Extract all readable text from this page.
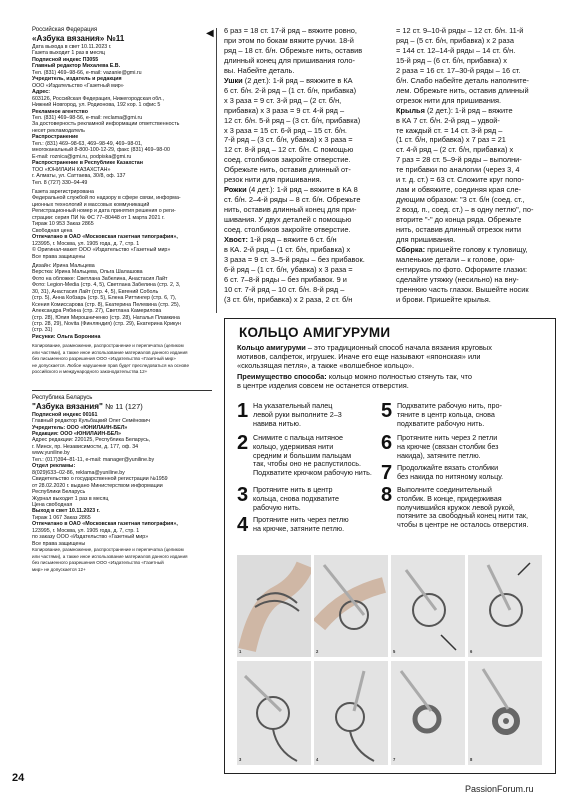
Российская Федерация
«Азбука вязания» №11
Дата выхода в свет 10.11.2023 г.
Газета выходит 1 раз в месяц
Подписной индекс П3055
Главный редактор Михалева Е.В.
Тел. (831) 469–98-66, e-mail: vazanie@gmi.ru
Учредитель, издатель и редакция
ООО «Издательство «Газетный мир»
Адрес:
603126, Российская Федерация, Нижегородская обл.,
Нижний Новгород, ул. Родионова, 192 кор. 1 офис 5
Рекламное агентство
Тел. (831) 469–98-56, e-mail: reclama@gmi.ru
За достоверность рекламной информации ответственность
несет рекламодатель
Распространение
Тел.: (831) 469–98-63, 469–98-49, 469–98-01,
многоканальный 8-800-100-12-29, факс (831) 469–98-00
E-mail: roznica@gmi.ru, podpiska@gmi.ru
Распространение в Республике Казахстан
ТОО «ЮНИЛАЙН КАЗАХСТАН»
г. Алматы, ул. Саттаева, 30/8, оф. 137
Тел. 8 (727) 330–94-49
Газета зарегистрирована
Федеральной службой по надзору в сфере связи, информа-
ционных технологий и массовых коммуникаций
Регистрационный номер и дата принятия решения о реги-
страции: серия ПИ № ФС 77–80448 от 1 марта 2021 г.
Тираж 10 953 Заказ 2865
Свободная цена
Отпечатано в ОАО «Московская газетная типография»,
123995, г. Москва, ул. 1905 года, д. 7, стр. 1
© Оригинал-макет ООО «Издательство «Газетный мир»
Все права защищены
Дизайн: Ирина Мальцева
Верстка: Ирина Мальцева, Ольга Шалашова
Фото на обложке: Светлана Забелина, Анастасия Лайт
Фото: Legion-Media (стр. 4, 5), Светлана Забелина (стр. 2, 3,
30, 31), Анастасия Лайт (стр. 4, 5), Евгений Соболь
(стр. 5), Анна Кобзарь (стр. 5), Елена Риттингер (стр. 6, 7),
Ксения Комиссарова (стр. 8), Екатерина Пелевина (стр. 25),
Александра Рябина (стр. 27), Светлана Камерилова
(стр. 28), Юлия Мирошниченко (стр. 28), Наталья Пламкина
(стр. 28, 29), Novita (Финляндия) (стр. 29), Екатерина Крикун
(стр. 31)
Рисунки: Ольга Боронина
Копирование, размножение, распространение и перепечатка (целиком
или частями), а также иное использование материалов данного издания
без письменного разрешения ООО «Издательство «Газетный мир»
не допускается. Любое нарушение прав будет преследоваться на основе
российского и международного законодательства 12+
Республика Беларусь
"Азбука вязания" № 11 (127)
Подписной индекс 00161
Главный редактор Кульбацкий Олег Семёнович
Учредитель: ООО «ЮНИЛАЙН-БЕЛ»
Редакция: ООО «ЮНИЛАЙН-БЕЛ»
Адрес редакции: 220125, Республика Беларусь,
г. Минск, пр. Независимости, д. 177, оф. 34
www.yuniline.by
Тел.: (017)394–81-11, e-mail: manager@yuniline.by
Отдел рекламы:
8(029)633–02-86, reklama@yuniline.by
Свидетельство о государственной регистрации №1959
от 28.02.2020 г. выдано Министерством информации
Республики Беларусь
Журнал выходит 1 раз в месяц
Цена свободная
Выход в свет 10.11.2023 г.
Тираж 1 067 Заказ 2865
Отпечатано в ОАО «Московская газетная типография»,
123995, г. Москва, ул. 1905 года, д. 7, стр. 1
по заказу ООО «Издательство «Газетный мир»
Все права защищены
Копирование, размножение, распространение и перепечатка (целиком
или частями), а также иное использование материалов данного издания
без письменного разрешения ООО «Издательство «Газетный
мир» не допускается 12+
◀ 6 раз = 18 ст. 17-й ряд – вяжите ровно,
при этом по бокам вяжите ручки. 18-й
ряд – 18 ст. б/н. Обрежьте нить, оставив
длинный конец для пришивания голо-
вы. Набейте деталь.
Ушки (2 дет.): 1-й ряд – вяжжите в КА
6 ст. б/н. 2-й ряд – (1 ст. б/н, прибавка)
х 3 раза = 9 ст. 3-й ряд – (2 ст. б/н,
прибавка) х 3 раза = 9 ст. 4-й ряд –
12 ст. б/н. 5-й ряд – (3 ст. б/н, прибавка)
х 3 раза = 15 ст. 6-й ряд – 15 ст. б/н.
7-й ряд – (3 ст. б/н, убавка) х 3 раза =
12 ст. 8-й ряд – 12 ст. б/н. С помощью
соед. столбиков закройте отверстие.
Обрежьте нить, оставив длинный от-
резок нити для пришивания.
Рожки (4 дет.): 1-й ряд – вяжите в КА 8
ст. б/н. 2–4-й ряды – 8 ст. б/н. Обрежьте
нить, оставив длинный конец для при-
шивания. У двух деталей с помощью
соед. столбиков закройте отверстие.
Хвост: 1-й ряд – вяжите 6 ст. б/н
в КА. 2-й ряд – (1 ст. б/н, прибавка) х
3 раза = 9 ст. 3–5-й ряды – без прибавок.
6-й ряд – (1 ст. б/н, убавка) х 3 раза =
6 ст. 7–8-й ряды – без прибавок. 9 и
10 ст. 7-й ряд – 10 ст. б/н. 8-й ряд –
(3 ст. б/н, прибавка) х 2 раза, 2 ст. б/н
= 12 ст. 9–10-й ряды – 12 ст. б/н. 11-й
ряд – (5 ст. б/н, прибавка) х 2 раза
= 144 ст. 12–14-й ряды – 14 ст. б/н.
15-й ряд – (6 ст. б/н, прибавка) х
2 раза = 16 ст. 17–30-й ряды – 16 ст.
б/н. Слабо набейте деталь наполните-
лем. Обрежьте нить, оставив длинный
отрезок нити для пришивания.
Крылья (2 дет.): 1-й ряд – вяжите
в КА 7 ст. б/н. 2-й ряд – удвой-
те каждый ст. = 14 ст. 3-й ряд –
(1 ст. б/н, прибавка) х 7 раз = 21
ст. 4-й ряд – (2 ст. б/н, прибавка) х
7 раз = 28 ст. 5–9-й ряды – выполни-
те прибавки по аналогии (через 3, 4
и т. д. ст.) = 63 ст. Сложите круг попо-
лам и обвяжите, соединяя края сле-
дующим образом: "3 ст. б/н (соед. ст.,
2 возд. п., соед. ст.) – в одну петлю", по-
вторите "-" до конца ряда. Обрежьте
нить, оставив длинный отрезок нити
для пришивания.
Сборка: пришейте голову к туловищу,
маленькие детали – к голове, ори-
ентируясь по фото. Оформите глазки:
сделайте утяжку (несильно) на вну-
треннюю часть глазок. Вышейте носик
и брови. Пришейте крылья.
КОЛЬЦО АМИГУРУМИ
Кольцо амигуруми – это традиционный способ начала вязания круговых
мотивов, салфеток, игрушек. Иначе его еще называют «японская» или
«скользящая петля», а также «волшебное кольцо».
Преимущество способа: кольцо можно полностью стянуть так, что
в центре изделия совсем не останется отверстия.
1 На указательный палец
левой руки выполните 2–3
навива нитью.
2 Снимите с пальца нитяное
кольцо, удерживая нити
средним и большим пальцам
так, чтобы оно не распустилось. Подхватите крючком рабочую нить.
3 Протяните нить в центр
кольца, снова подхватите
рабочую нить.
4 Протяните нить через петлю
на крючке, затяните петлю.
5 Подхватите рабочую нить, про-
тяните в центр кольца, снова
подхватите рабочую нить.
6 Протяните нить через 2 петли
на крючке (связан столбик без
накида), затяните петлю.
7 Продолжайте вязать столбики
без накида по нитяному кольцу.
8 Выполните соединительный
столбик. В конце, придерживая
получившийся кружок левой рукой,
потяните за свободный конец нити так, чтобы в центре не осталось отверстия.
1	2	5	6
3	4	7	8
24
PassionForum.ru
